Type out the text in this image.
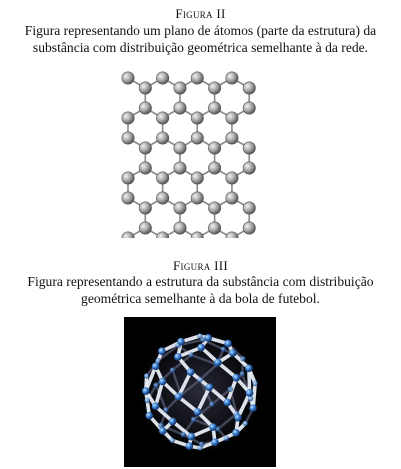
Figura II
Figura representando um plano de átomos (parte da estrutura) da
substância com distribuição geométrica semelhante à da rede.
Figura III
Figura representando a estrutura da substância com distribuição
geométrica semelhante à da bola de futebol.
